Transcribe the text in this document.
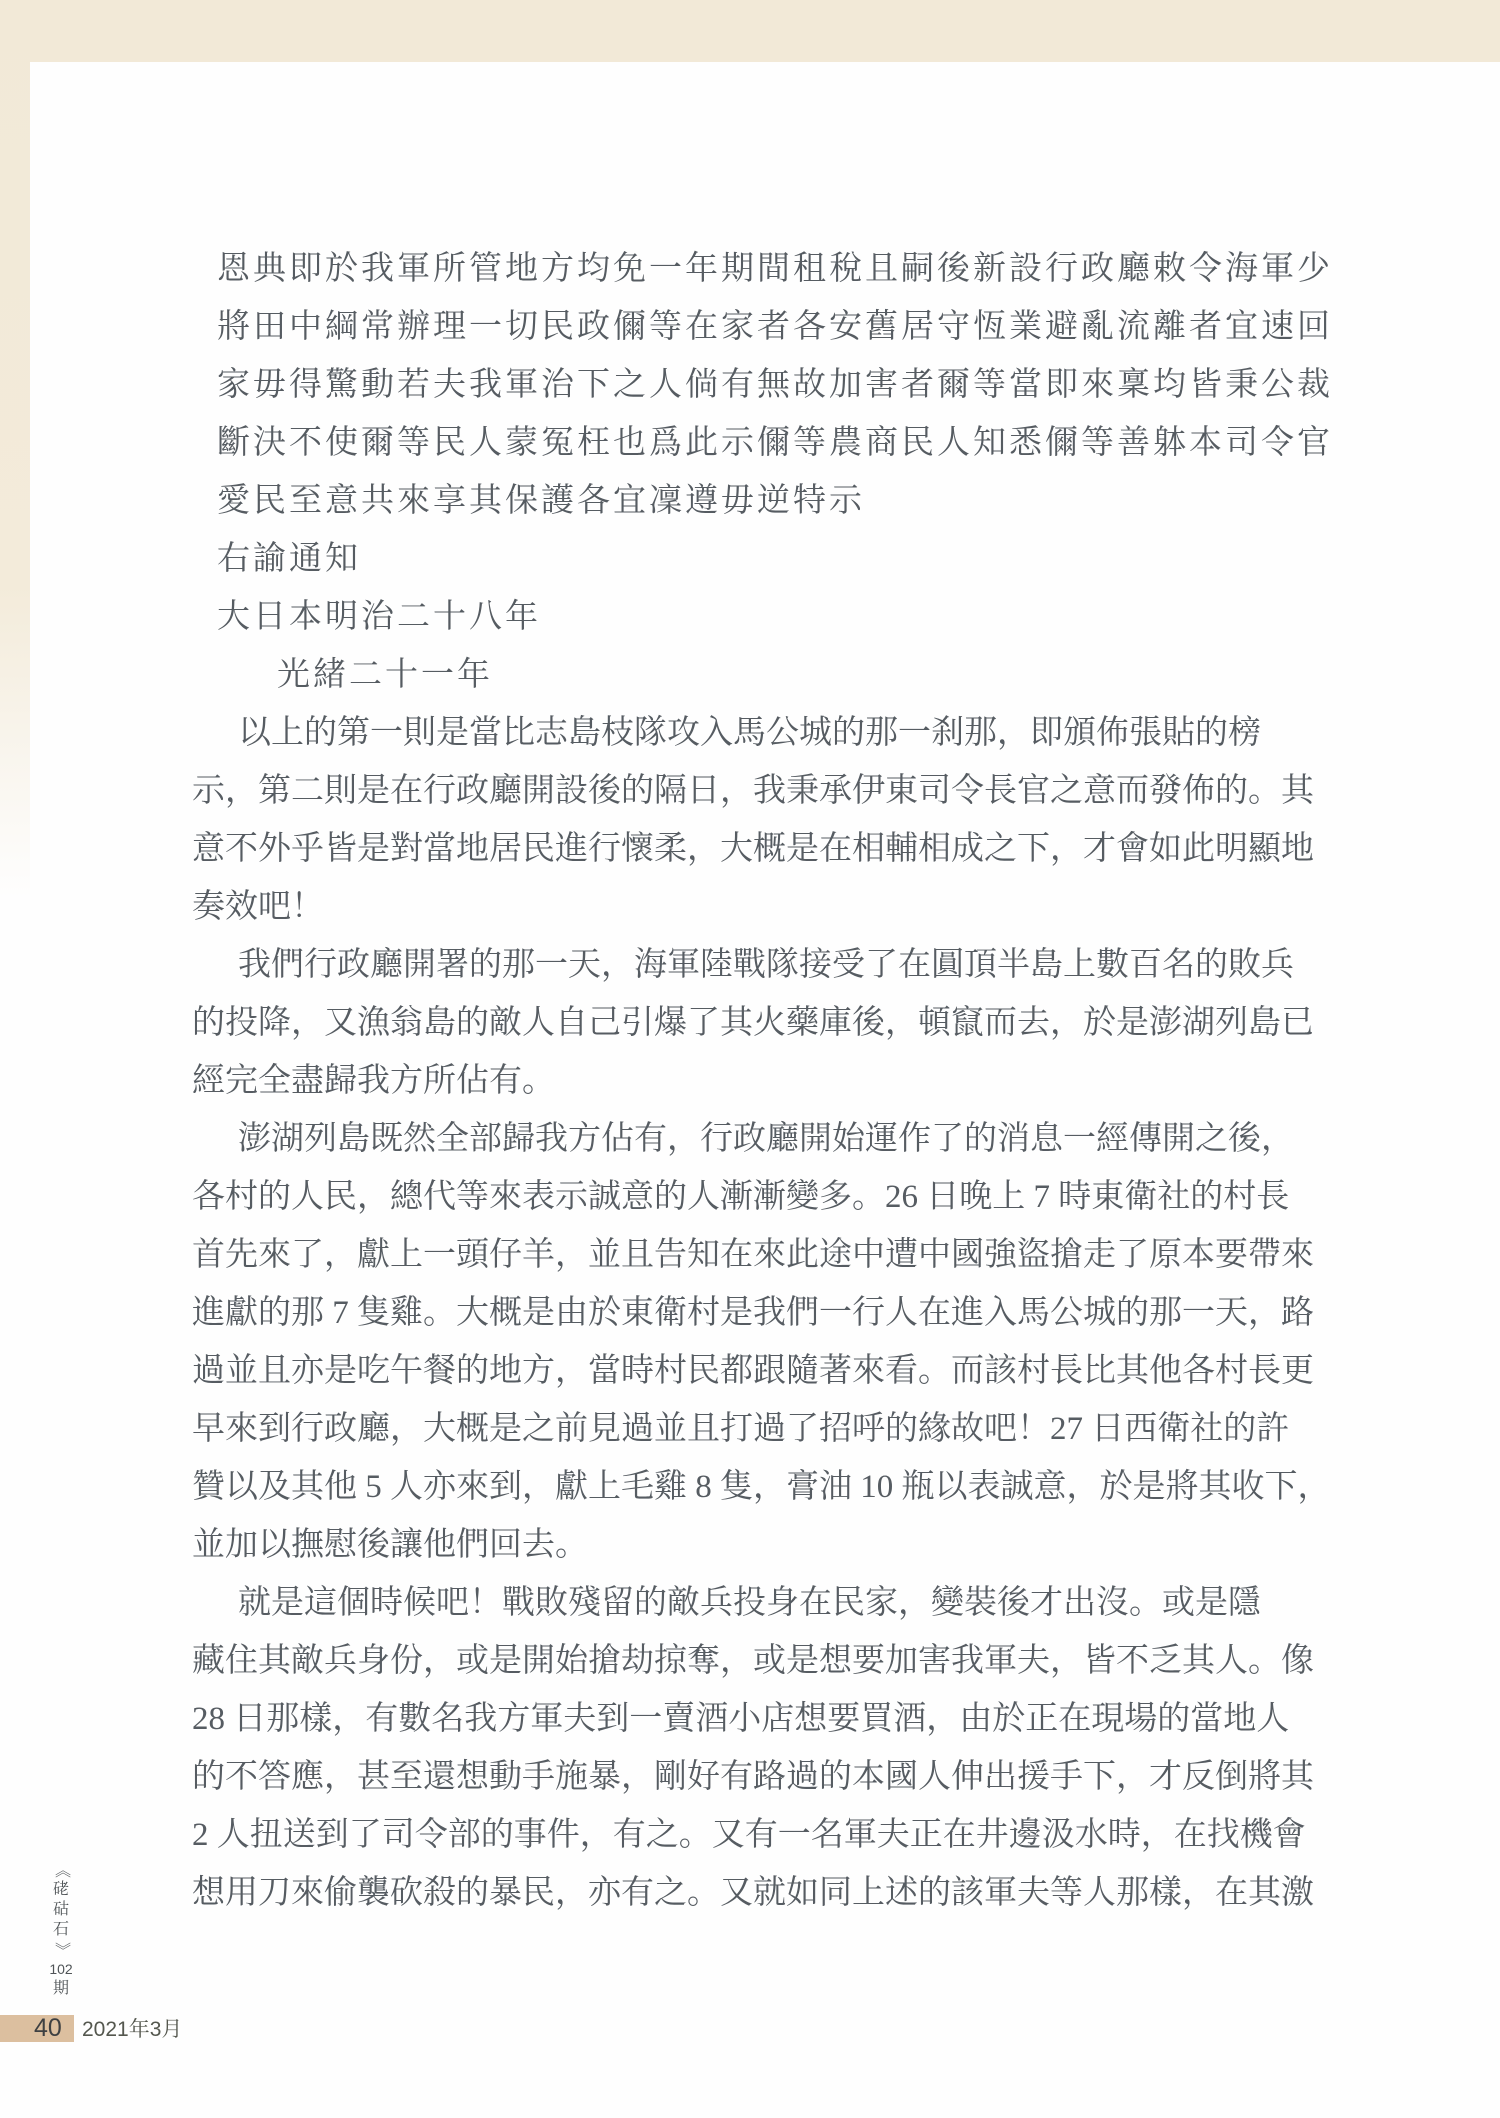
恩典即於我軍所管地方均免一年期間租稅且嗣後新設行政廳敕令海軍少
將田中綱常辦理一切民政儞等在家者各安舊居守恆業避亂流離者宜速回
家毋得驚動若夫我軍治下之人倘有無故加害者爾等當即來稟均皆秉公裁
斷決不使爾等民人蒙冤枉也爲此示儞等農商民人知悉儞等善躰本司令官
愛民至意共來享其保護各宜凜遵毋逆特示
右諭通知
大日本明治二十八年
光緒二十一年
以上的第一則是當比志島枝隊攻入馬公城的那一刹那，即頒佈張貼的榜
示，第二則是在行政廳開設後的隔日，我秉承伊東司令長官之意而發佈的。其
意不外乎皆是對當地居民進行懷柔，大概是在相輔相成之下，才會如此明顯地
奏效吧！
我們行政廳開署的那一天，海軍陸戰隊接受了在圓頂半島上數百名的敗兵
的投降，又漁翁島的敵人自己引爆了其火藥庫後，頓竄而去，於是澎湖列島已
經完全盡歸我方所佔有。
澎湖列島既然全部歸我方佔有，行政廳開始運作了的消息一經傳開之後，
各村的人民，總代等來表示誠意的人漸漸變多。26 日晚上 7 時東衛社的村長
首先來了，獻上一頭仔羊，並且告知在來此途中遭中國強盜搶走了原本要帶來
進獻的那 7 隻雞。大概是由於東衛村是我們一行人在進入馬公城的那一天，路
過並且亦是吃午餐的地方，當時村民都跟隨著來看。而該村長比其他各村長更
早來到行政廳，大概是之前見過並且打過了招呼的緣故吧！27 日西衛社的許
贊以及其他 5 人亦來到，獻上毛雞 8 隻，膏油 10 瓶以表誠意，於是將其收下，
並加以撫慰後讓他們回去。
就是這個時候吧！戰敗殘留的敵兵投身在民家，變裝後才出沒。或是隱
藏住其敵兵身份，或是開始搶劫掠奪，或是想要加害我軍夫，皆不乏其人。像
28 日那樣，有數名我方軍夫到一賣酒小店想要買酒，由於正在現場的當地人
的不答應，甚至還想動手施暴，剛好有路過的本國人伸出援手下，才反倒將其
2 人扭送到了司令部的事件，有之。又有一名軍夫正在井邊汲水時，在找機會
想用刀來偷襲砍殺的暴民，亦有之。又就如同上述的該軍夫等人那樣，在其激
《
硓
𥑮
石
》
102
期
40 2021年3月
